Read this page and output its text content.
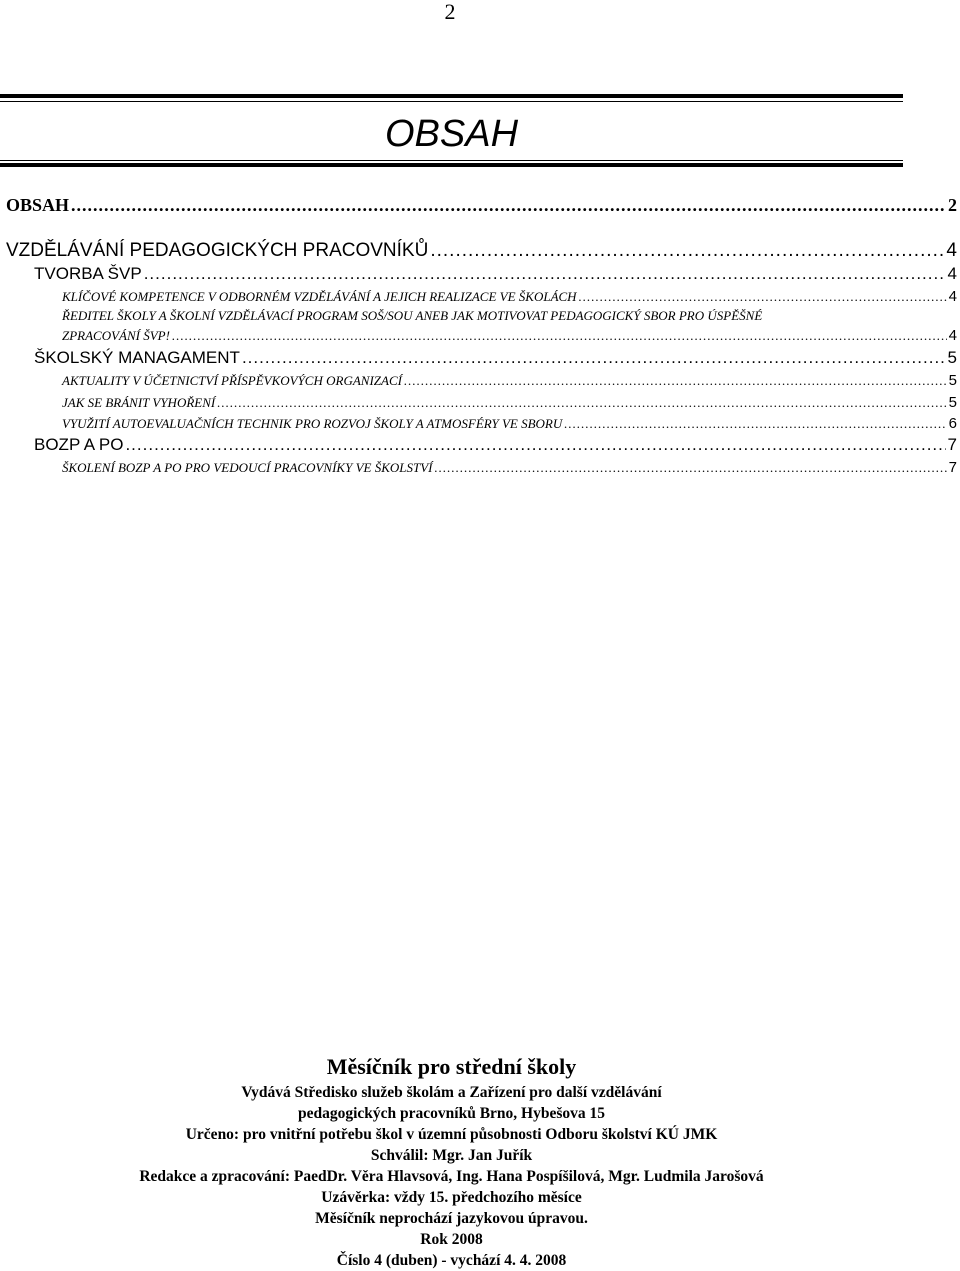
2
OBSAH
OBSAH .....	2
VZDĚLÁVÁNÍ PEDAGOGICKÝCH PRACOVNÍKŮ .....	4
TVORBA ŠVP .....	4
KLÍČOVÉ KOMPETENCE V ODBORNÉM VZDĚLÁVÁNÍ A JEJICH REALIZACE VE ŠKOLÁCH .....	4
ŘEDITEL ŠKOLY A ŠKOLNÍ VZDĚLÁVACÍ PROGRAM SOŠ/SOU ANEB JAK MOTIVOVAT PEDAGOGICKÝ SBOR PRO ÚSPĚŠNÉ
ZPRACOVÁNÍ ŠVP! .....	4
ŠKOLSKÝ MANAGAMENT .....	5
AKTUALITY V ÚČETNICTVÍ PŘÍSPĚVKOVÝCH ORGANIZACÍ .....	5
JAK SE BRÁNIT VYHOŘENÍ .....	5
VYUŽITÍ AUTOEVALUAČNÍCH TECHNIK PRO ROZVOJ ŠKOLY A ATMOSFÉRY VE SBORU .....	6
BOZP A PO .....	7
ŠKOLENÍ BOZP A PO PRO VEDOUCÍ PRACOVNÍKY VE ŠKOLSTVÍ .....	7
Měsíčník pro střední školy
Vydává Středisko služeb školám a Zařízení pro další vzdělávání
pedagogických pracovníků Brno, Hybešova 15
Určeno: pro vnitřní potřebu škol v územní působnosti Odboru školství KÚ JMK
Schválil: Mgr. Jan Juřík
Redakce a zpracování: PaedDr. Věra Hlavsová, Ing. Hana Pospíšilová, Mgr. Ludmila Jarošová
Uzávěrka: vždy 15. předchozího měsíce
Měsíčník neprochází jazykovou úpravou.
Rok 2008
Číslo 4 (duben) - vychází 4. 4. 2008
